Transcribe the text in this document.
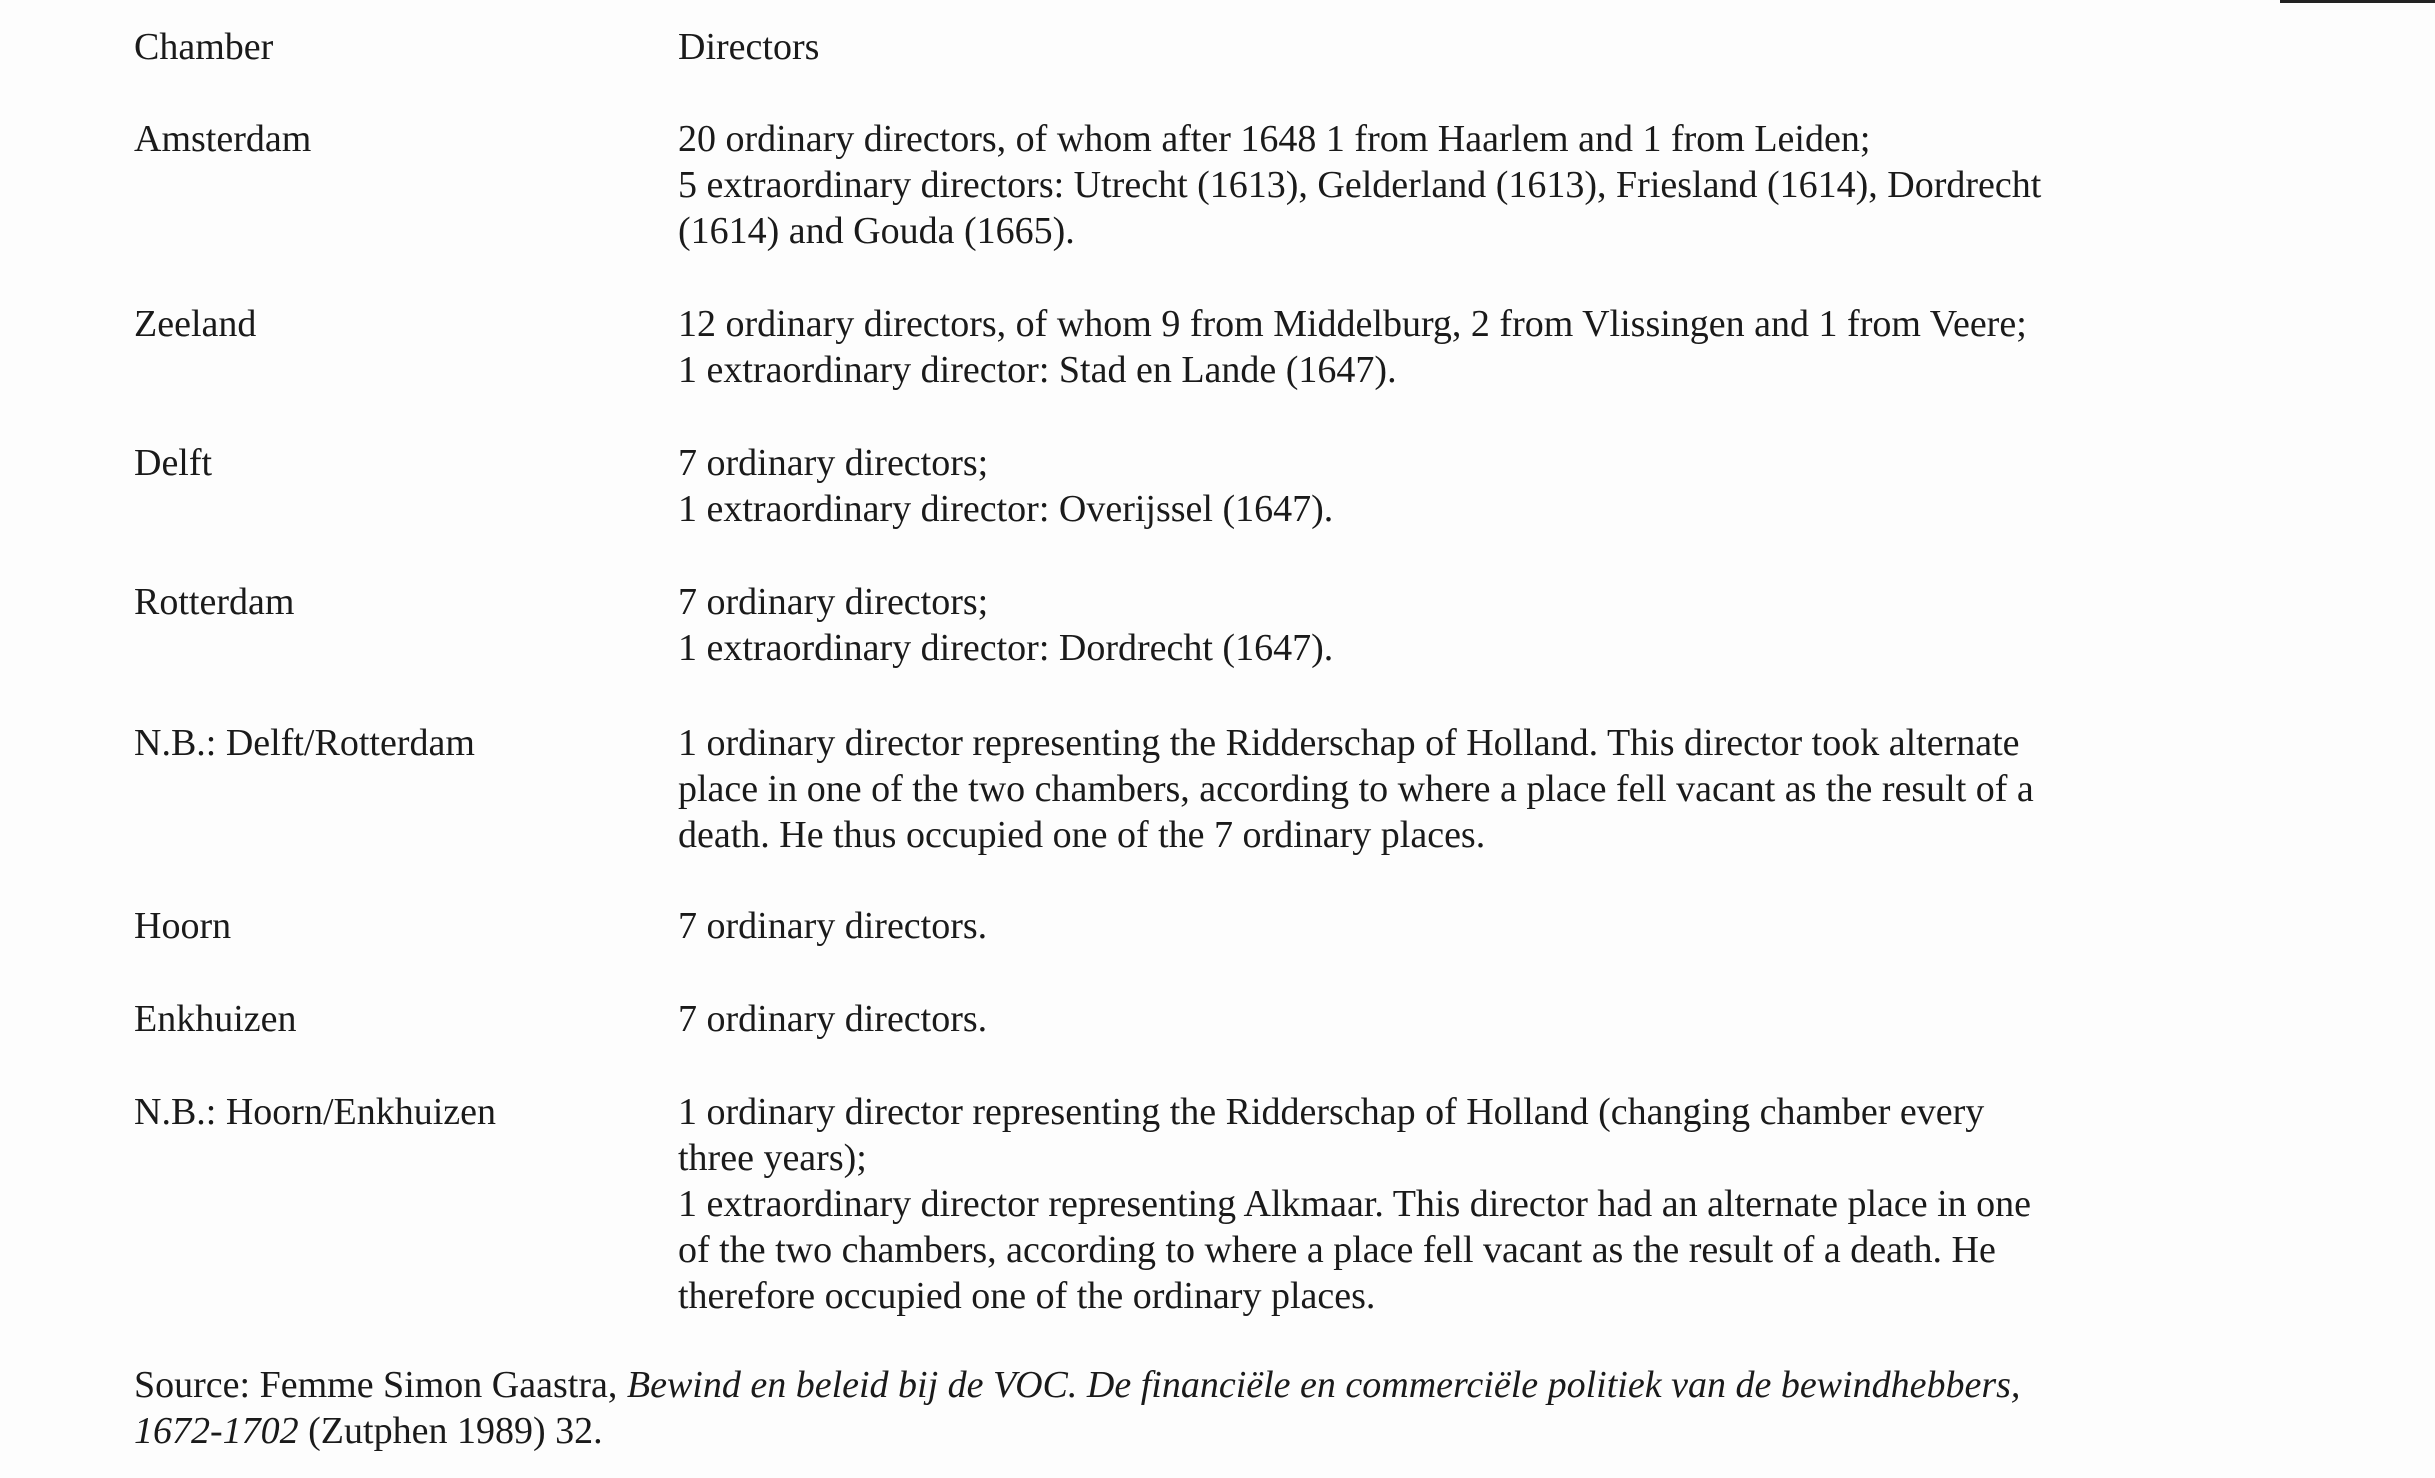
Chamber	Directors
Amsterdam	20 ordinary directors, of whom after 1648 1 from Haarlem and 1 from Leiden;
5 extraordinary directors: Utrecht (1613), Gelderland (1613), Friesland (1614), Dordrecht
(1614) and Gouda (1665).
Zeeland	12 ordinary directors, of whom 9 from Middelburg, 2 from Vlissingen and 1 from Veere;
1 extraordinary director: Stad en Lande (1647).
Delft	7 ordinary directors;
1 extraordinary director: Overijssel (1647).
Rotterdam	7 ordinary directors;
1 extraordinary director: Dordrecht (1647).
N.B.: Delft/Rotterdam	1 ordinary director representing the Ridderschap of Holland. This director took alternate
place in one of the two chambers, according to where a place fell vacant as the result of a
death. He thus occupied one of the 7 ordinary places.
Hoorn	7 ordinary directors.
Enkhuizen	7 ordinary directors.
N.B.: Hoorn/Enkhuizen	1 ordinary director representing the Ridderschap of Holland (changing chamber every
three years);
1 extraordinary director representing Alkmaar. This director had an alternate place in one
of the two chambers, according to where a place fell vacant as the result of a death. He
therefore occupied one of the ordinary places.
Source: Femme Simon Gaastra, Bewind en beleid bij de VOC. De financiële en commerciële politiek van de bewindhebbers,
1672-1702 (Zutphen 1989) 32.
